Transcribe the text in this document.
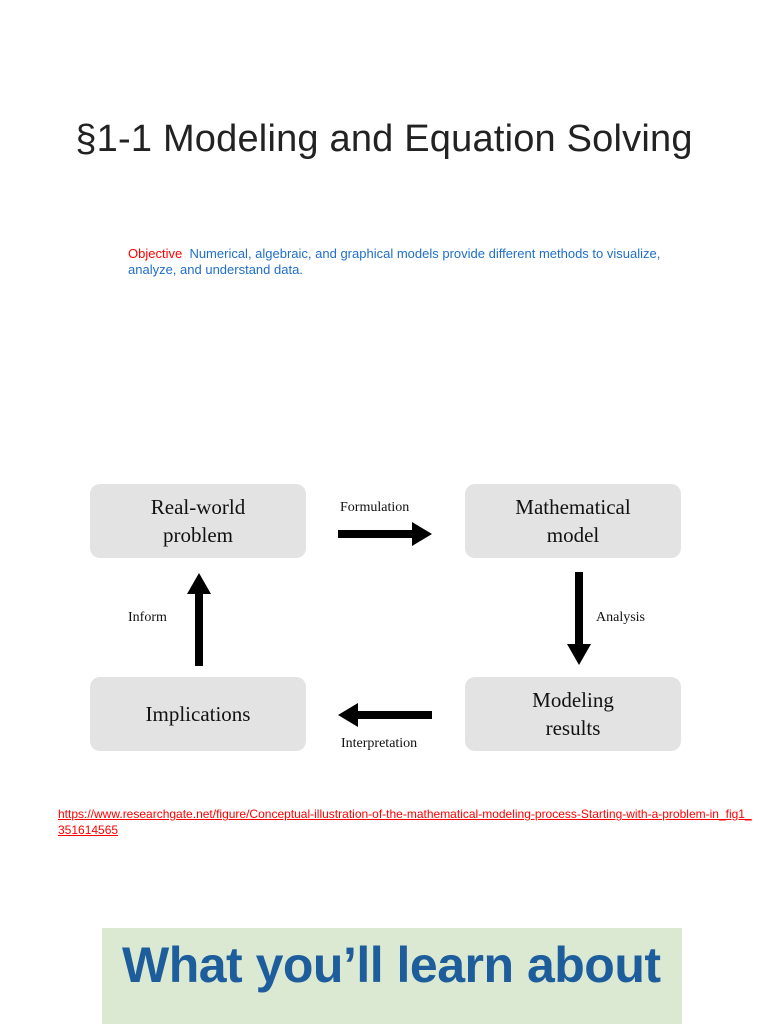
§1-1 Modeling and Equation Solving
Objective Numerical, algebraic, and graphical models provide different methods to visualize, analyze, and understand data.
Real-world
problem
Mathematical
model
Implications
Modeling
results
Formulation
Analysis
Interpretation
Inform
https://www.researchgate.net/figure/Conceptual-illustration-of-the-mathematical-modeling-process-Starting-with-a-problem-in_fig1_351614565
What you’ll learn about
